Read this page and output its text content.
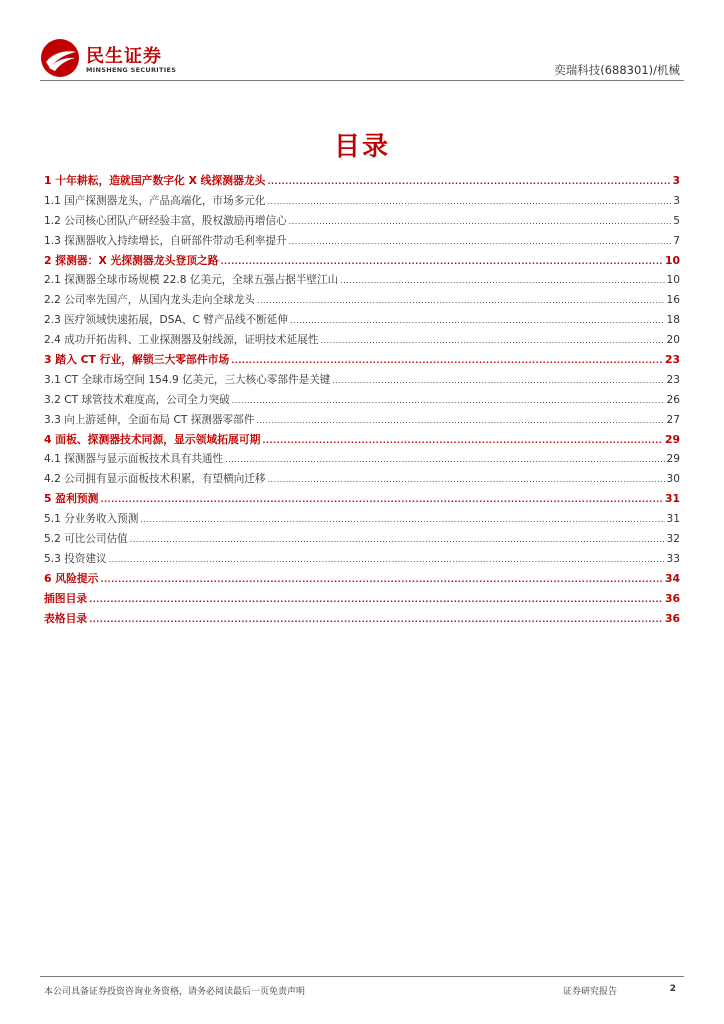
民生证券
MINSHENG SECURITIES	奕瑞科技(688301)/机械
目录
1 十年耕耘，造就国产数字化 X 线探测器龙头 .....	3
1.1 国产探测器龙头，产品高端化，市场多元化 .....	3
1.2 公司核心团队产研经验丰富，股权激励再增信心 .....	5
1.3 探测器收入持续增长，自研部件带动毛利率提升 .....	7
2 探测器：X 光探测器龙头登顶之路 .....	10
2.1 探测器全球市场规模 22.8 亿美元，全球五强占据半壁江山 .....	10
2.2 公司率先国产，从国内龙头走向全球龙头 .....	16
2.3 医疗领域快速拓展，DSA、C 臂产品线不断延伸 .....	18
2.4 成功开拓齿科、工业探测器及射线源，证明技术延展性 .....	20
3 踏入 CT 行业，解锁三大零部件市场 .....	23
3.1 CT 全球市场空间 154.9 亿美元，三大核心零部件是关键 .....	23
3.2 CT 球管技术难度高，公司全力突破 .....	26
3.3 向上游延伸，全面布局 CT 探测器零部件 .....	27
4 面板、探测器技术同源，显示领域拓展可期 .....	29
4.1 探测器与显示面板技术具有共通性 .....	29
4.2 公司拥有显示面板技术积累，有望横向迁移 .....	30
5 盈利预测 .....	31
5.1 分业务收入预测 .....	31
5.2 可比公司估值 .....	32
5.3 投资建议 .....	33
6 风险提示 .....	34
插图目录 .....	36
表格目录 .....	36
本公司具备证券投资咨询业务资格，请务必阅读最后一页免责声明	证券研究报告	2
